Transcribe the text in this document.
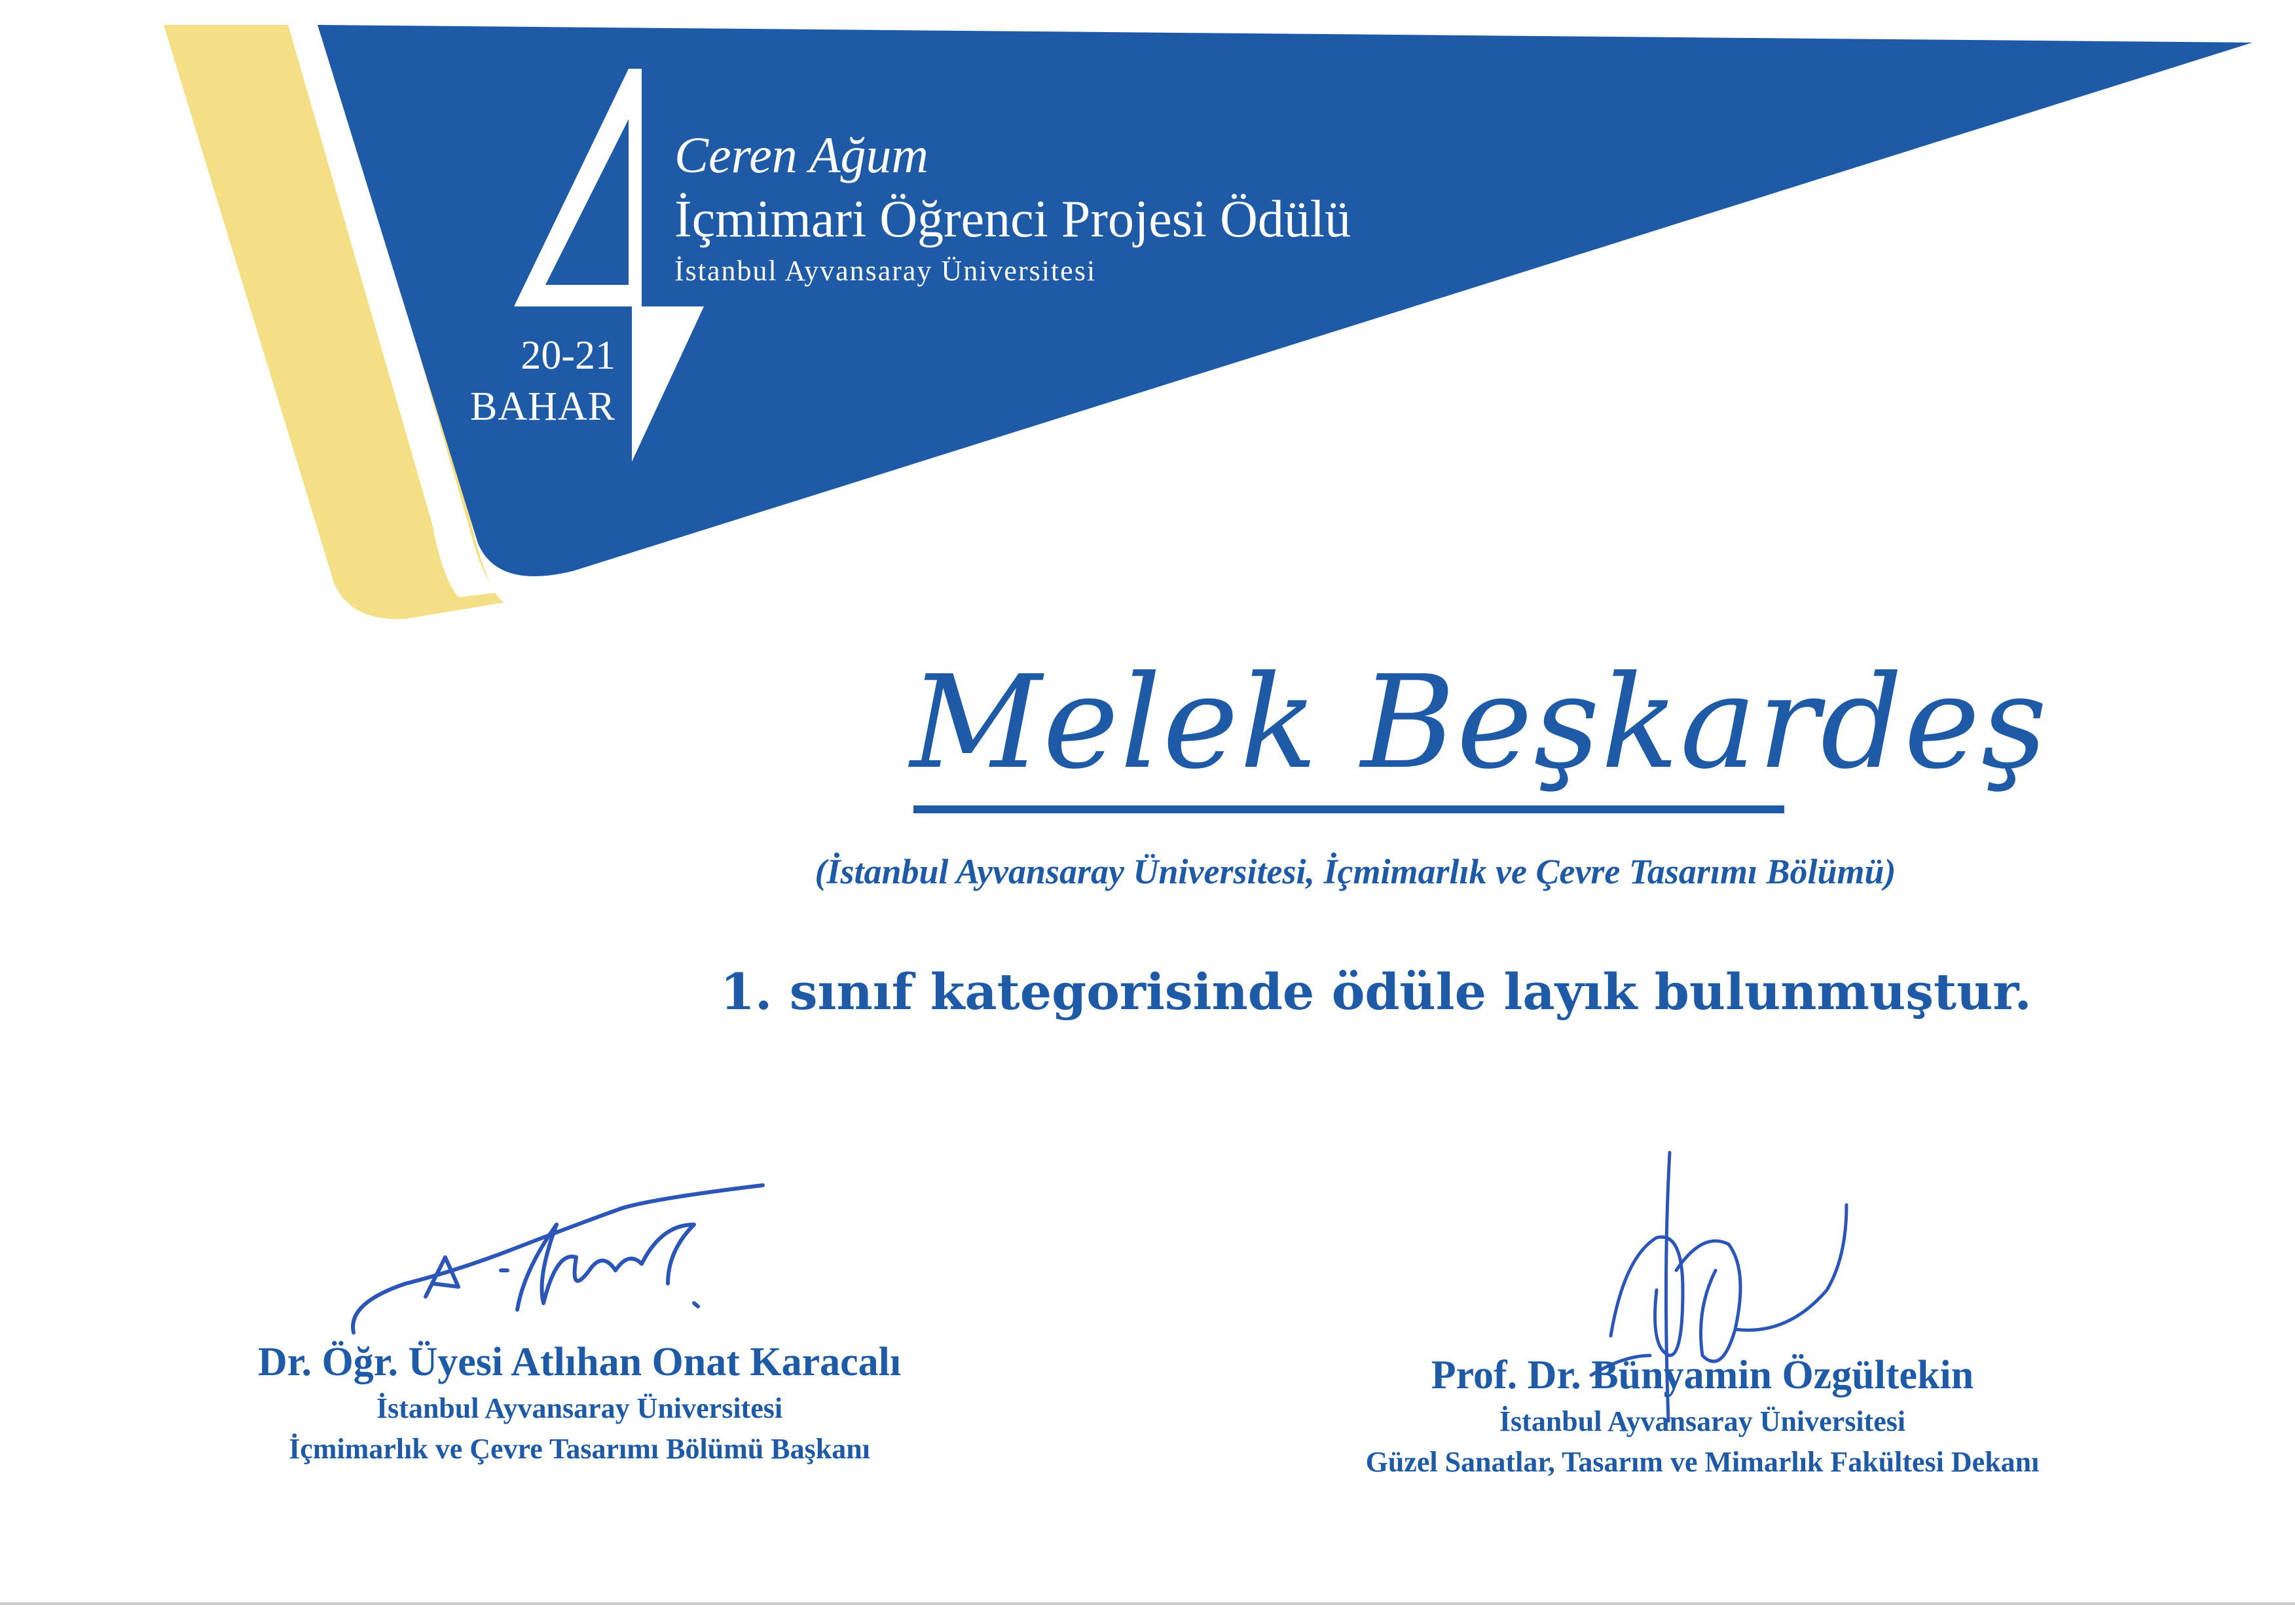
Ceren Ağum
İçmimari Öğrenci Projesi Ödülü
İstanbul Ayvansaray Üniversitesi
20-21
BAHAR
Melek Beşkardeş
(İstanbul Ayvansaray Üniversitesi, İçmimarlık ve Çevre Tasarımı Bölümü)
1. sınıf kategorisinde ödüle layık bulunmuştur.
Dr. Öğr. Üyesi Atlıhan Onat Karacalı
İstanbul Ayvansaray Üniversitesi
İçmimarlık ve Çevre Tasarımı Bölümü Başkanı
Prof. Dr. Bünyamin Özgültekin
İstanbul Ayvansaray Üniversitesi
Güzel Sanatlar, Tasarım ve Mimarlık Fakültesi Dekanı
